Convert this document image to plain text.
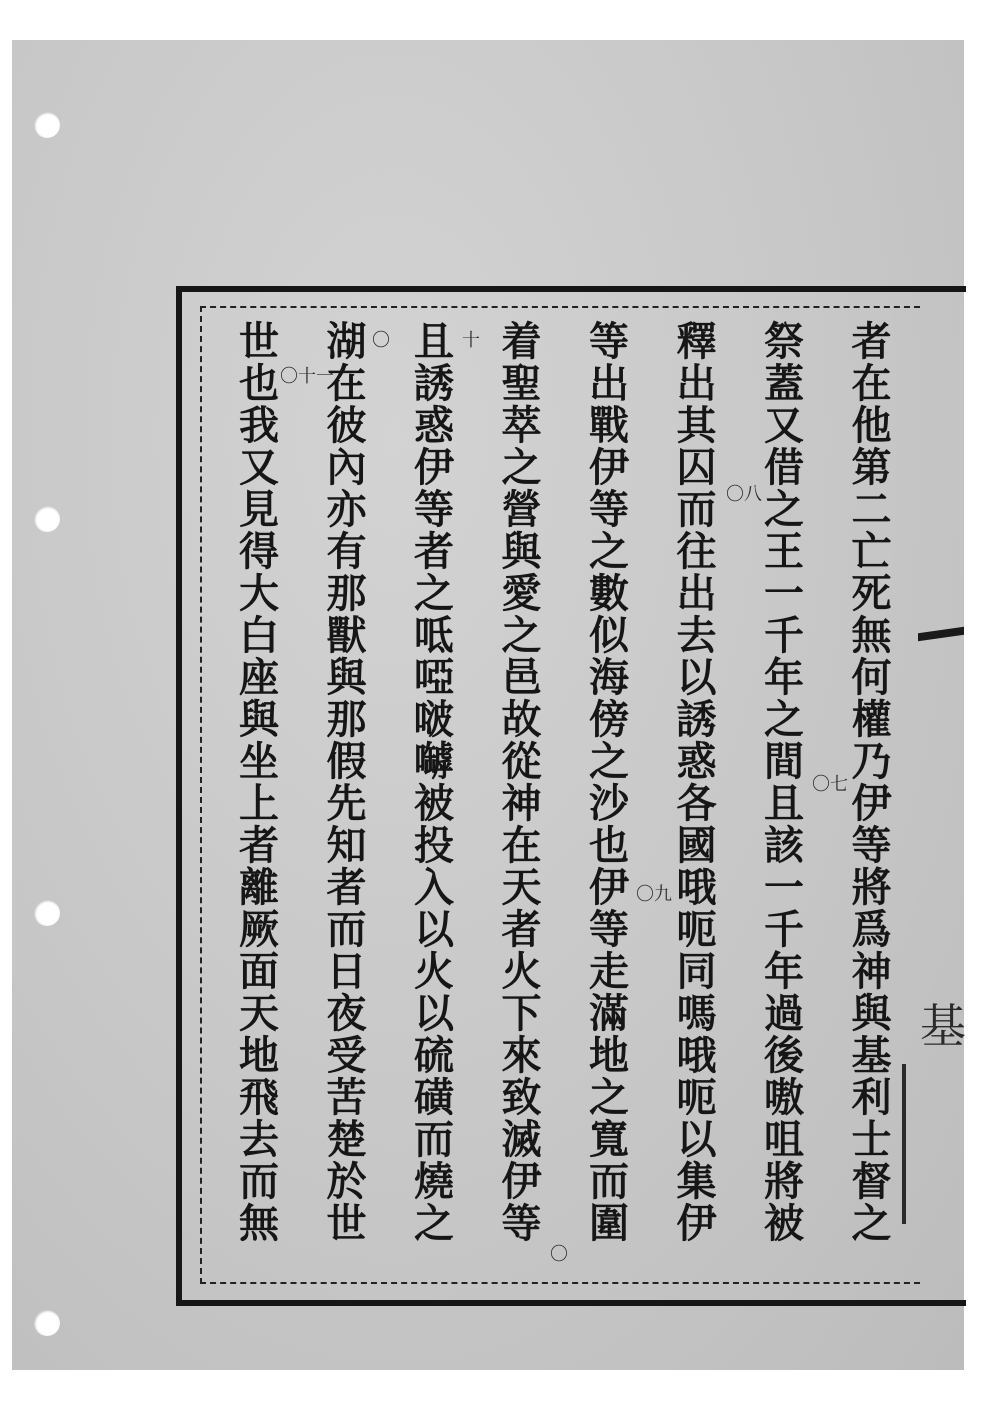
基
者在他第二亡死無何權乃伊等將爲神與基利士督之
祭蓋又借之王一千年之間且該一千年過後嗷咀將被
釋出其囚而往出去以誘惑各國哦呃同嗎哦呃以集伊
等出戰伊等之數似海傍之沙也伊等走滿地之寬而圍
着聖萃之營與愛之邑故從神在天者火下來致滅伊等
且誘惑伊等者之呧啞啵嚹被投入以火以硫磺而燒之
湖在彼內亦有那獸與那假先知者而日夜受苦楚於世
世也我又見得大白座與坐上者離厥面天地飛去而無	〇七
〇八
〇九
十
〇
〇十一
〇
